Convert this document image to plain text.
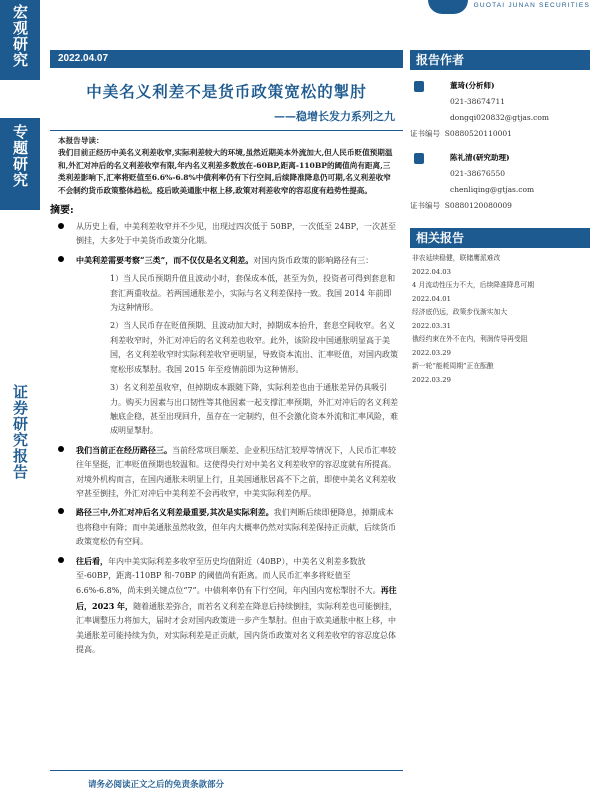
宏观研究
专题研究
证券研究报告
GUOTAI JUNAN SECURITIES
2022.04.07
中美名义利差不是货币政策宽松的掣肘
——稳增长发力系列之九

本报告导读：

我们目前正经历中美名义利差收窄,实际利差较大的环境,虽然近期美本外流加大,但人民币贬值预期温和,外汇对冲后的名义利差收窄有限,年内名义利差多数放在-60BP,距离-110BP的阈值尚有距离,三类利差影响下,汇率将贬值至6.6%-6.8%中债利率仍有下行空间,后续降准降息仍可期,名义利差收窄不会制约货币政策整体趋松。疫后欧美通胀中枢上移,政策对利差收窄的容忍度有趋势性提高。

摘要:
从历史上看，中美利差收窄并不少见，出现过四次低于 50BP，一次低至 24BP，一次甚至倒挂，大多处于中美货币政策分化期。
中美利差需要考察“三类”，而不仅仅是名义利差。对国内货币政策的影响路径有三：
1）当人民币预期升值且波动小时，套保成本低，甚至为负，投资者可得到套息和套汇两重收益。若两国通胀差小，实际与名义利差保持一致。我国 2014 年前即为这种情形。
2）当人民币存在贬值预期、且波动加大时，掉期成本抬升，套息空间收窄。名义利差收窄时，外汇对冲后的名义利差也收窄。此外，该阶段中国通胀明显高于美国，名义利差收窄时实际利差收窄更明显，导致资本流出、汇率贬值，对国内政策宽松形成掣肘。我国 2015 年至疫情前即为这种情形。
3）名义利差虽收窄，但掉期成本跟随下降，实际利差也由于通胀差异仍具吸引力。购买力因素与出口韧性等其他因素一起支撑汇率预期，外汇对冲后的名义利差触底企稳，甚至出现回升，虽存在一定制约，但不会激化资本外流和汇率风险，难成明显掣肘。
我们当前正在经历路径三。当前经常项目顺差、企业积压结汇较厚等情况下，人民币汇率较往年坚挺，汇率贬值预期也较温和。这使得央行对中美名义利差收窄的容忍度就有所提高。对境外机构而言，在国内通胀未明显上行，且美国通胀居高不下之前，即使中美名义利差收窄甚至倒挂，外汇对冲后中美利差不会再收窄，中美实际利差仍厚。
路径三中,外汇对冲后名义利差最重要,其次是实际利差。我们判断后续即便降息，掉期成本也将稳中有降；而中美通胀虽然收敛，但年内大概率仍然对实际利差保持正贡献，后续货币政策宽松仍有空间。
往后看，年内中美实际利差多收窄至历史均值附近（40BP），中美名义利差多数放至-60BP，距离-110BP 和-70BP 的阈值尚有距离。而人民币汇率多将贬值至 6.6%-6.8%，尚未到关键点位“7”。中债利率仍有下行空间，年内国内宽松掣肘不大。再往后，2023 年，随着通胀差弥合，而若名义利差在降息后持续倒挂，实际利差也可能倒挂，汇率调整压力将加大，届时才会对国内政策进一步产生掣肘。但由于欧美通胀中枢上移，中美通胀差可能持续为负，对实际利差是正贡献，国内货币政策对名义利差收窄的容忍度总体提高。
报告作者
董琦(分析师)
021-38674711
dongqi020832@gtjas.com
证书编号 S0880520110001
陈礼清(研究助理)
021-38676550
chenliqing@gtjas.com
证书编号 S0880120080009
相关报告
非农延续稳健，联储鹰派难改
2022.04.03
4 月流动性压力不大，后续降准降息可期
2022.04.01
经济底仍远，政策步伐渐实加大
2022.03.31
俄经约束在外不在内，利润传导再受阻
2022.03.29
新一轮“能耗周期”正在酝酿
2022.03.29
请务必阅读正文之后的免责条款部分
